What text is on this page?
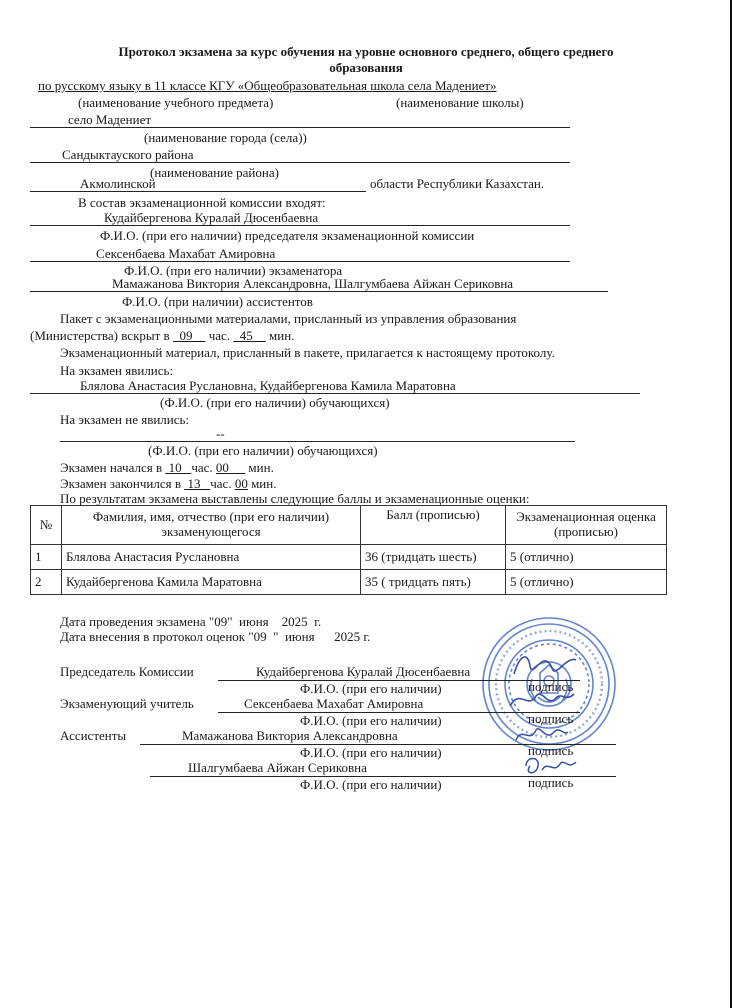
Протокол экзамена за курс обучения на уровне основного среднего, общего среднего
образования
по русскому языку в 11 классе КГУ «Общеобразовательная школа села Мадениет»
(наименование учебного предмета)	(наименование школы)
село Мадениет
(наименование города (села))
Сандыктауского района
(наименование района)
Акмолинской	области Республики Казахстан.
В состав экзаменационной комиссии входят:
Кудайбергенова Куралай Дюсенбаевна
Ф.И.О. (при его наличии) председателя экзаменационной комиссии
Сексенбаева Махабат Амировна
Ф.И.О. (при его наличии) экзаменатора
Мамажанова Виктория Александровна, Шалгумбаева Айжан Сериковна
Ф.И.О. (при наличии) ассистентов
Пакет с экзаменационными материалами, присланный из управления образования
(Министерства) вскрыт в 09 час. 45 мин.
Экзаменационный материал, присланный в пакете, прилагается к настоящему протоколу.
На экзамен явились:
Блялова Анастасия Руслановна, Кудайбергенова Камила Маратовна
(Ф.И.О. (при его наличии) обучающихся)
На экзамен не явились:
--
(Ф.И.О. (при его наличии) обучающихся)
Экзамен начался в 10 час. 00 мин.
Экзамен закончился в 13 час. 00 мин.
По результатам экзамена выставлены следующие баллы и экзаменационные оценки:
№	Фамилия, имя, отчество (при его наличии) экзаменующегося	Балл (прописью)	Экзаменационная оценка (прописью)
1	Блялова Анастасия Руслановна	36 (тридцать шесть)	5 (отлично)
2	Кудайбергенова Камила Маратовна	35 ( тридцать пять)	5 (отлично)
Дата проведения экзамена "09"  июня    2025  г.
Дата внесения в протокол оценок "09  "  июня      2025 г.
Председатель Комиссии	Кудайбергенова Куралай Дюсенбаевна
Ф.И.О. (при его наличии)	подпись
Экзаменующий учитель	Сексенбаева Махабат Амировна
Ф.И.О. (при его наличии)	подпись
Ассистенты	Мамажанова Виктория Александровна
Ф.И.О. (при его наличии)	подпись
Шалгумбаева Айжан Сериковна
Ф.И.О. (при его наличии)	подпись
